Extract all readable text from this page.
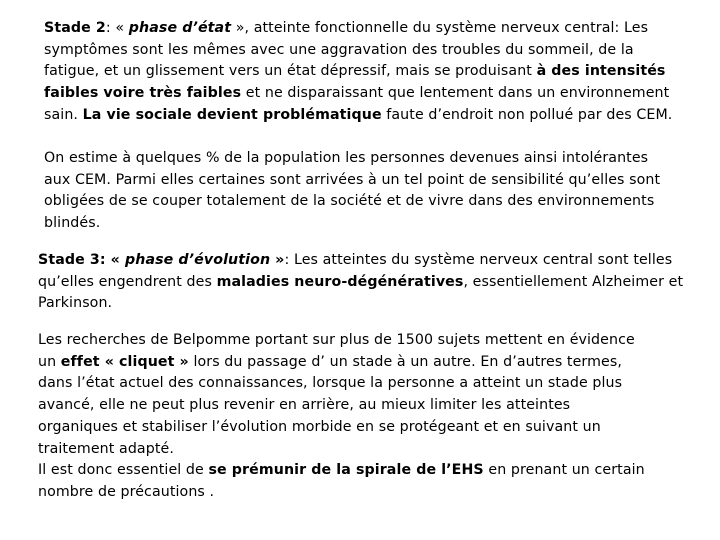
Stade 2: « phase d’état », atteinte fonctionnelle du système nerveux central: Les
symptômes sont les mêmes avec une aggravation des troubles du sommeil, de la
fatigue, et un glissement vers un état dépressif, mais se produisant à des intensités
faibles voire très faibles et ne disparaissant que lentement dans un environnement
sain. La vie sociale devient problématique faute d’endroit non pollué par des CEM.
On estime à quelques % de la population les personnes devenues ainsi intolérantes
aux CEM. Parmi elles certaines sont arrivées à un tel point de sensibilité qu’elles sont
obligées de se couper totalement de la société et de vivre dans des environnements
blindés.
Stade 3: « phase d’évolution »: Les atteintes du système nerveux central sont telles
qu’elles engendrent des maladies neuro-dégénératives, essentiellement Alzheimer et
Parkinson.
Les recherches de Belpomme portant sur plus de 1500 sujets mettent en évidence
un effet « cliquet » lors du passage d’ un stade à un autre. En d’autres termes,
dans l’état actuel des connaissances, lorsque la personne a atteint un stade plus
avancé, elle ne peut plus revenir en arrière, au mieux limiter les atteintes
organiques et stabiliser l’évolution morbide en se protégeant et en suivant un
traitement adapté.
Il est donc essentiel de se prémunir de la spirale de l’EHS en prenant un certain
nombre de précautions .
